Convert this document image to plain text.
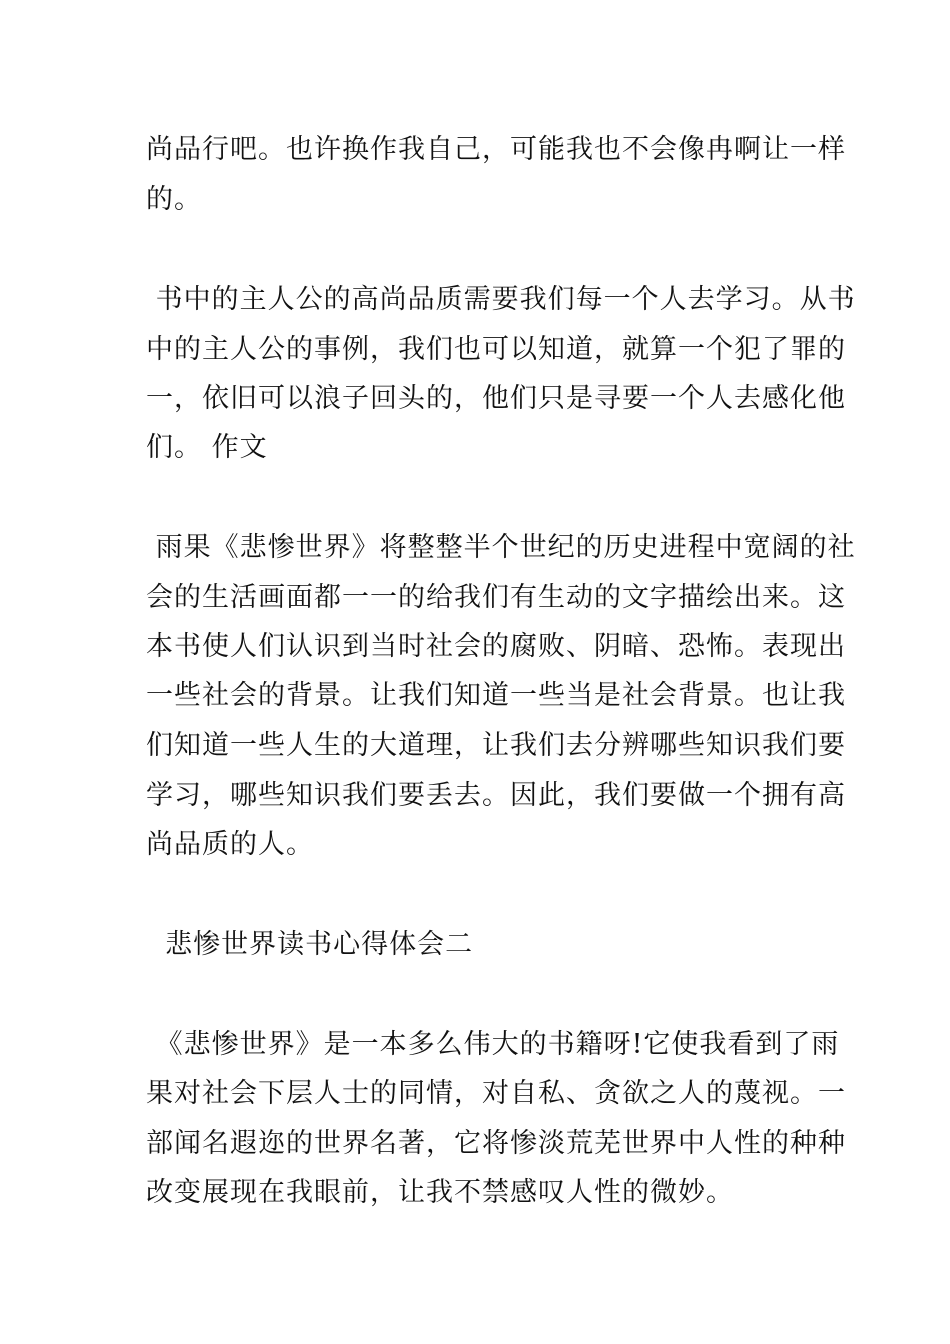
尚品行吧。也许换作我自己，可能我也不会像冉啊让一样
的。
书中的主人公的高尚品质需要我们每一个人去学习。从书
中的主人公的事例，我们也可以知道，就算一个犯了罪的
一，依旧可以浪子回头的，他们只是寻要一个人去感化他
们。 作文
雨果《悲惨世界》将整整半个世纪的历史进程中宽阔的社
会的生活画面都一一的给我们有生动的文字描绘出来。这
本书使人们认识到当时社会的腐败、阴暗、恐怖。表现出
一些社会的背景。让我们知道一些当是社会背景。也让我
们知道一些人生的大道理，让我们去分辨哪些知识我们要
学习，哪些知识我们要丢去。因此，我们要做一个拥有高
尚品质的人。
悲惨世界读书心得体会二
《悲惨世界》是一本多么伟大的书籍呀!它使我看到了雨
果对社会下层人士的同情，对自私、贪欲之人的蔑视。一
部闻名遐迩的世界名著，它将惨淡荒芜世界中人性的种种
改变展现在我眼前，让我不禁感叹人性的微妙。
